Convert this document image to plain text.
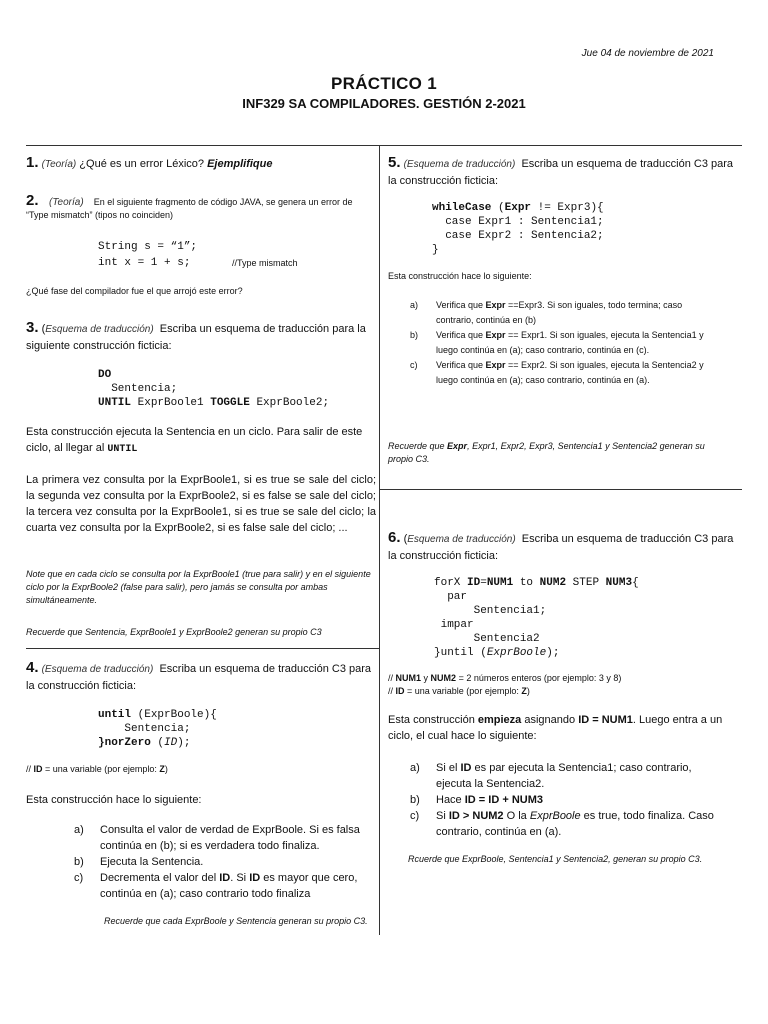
Jue 04 de noviembre de 2021
PRÁCTICO 1
INF329 SA COMPILADORES. GESTIÓN 2-2021
1. (Teoría) ¿Qué es un error Léxico? Ejemplifique
2. (Teoría) En el siguiente fragmento de código JAVA, se genera un error de “Type mismatch” (tipos no coinciden)
String s = “1”;
int x = 1 + s;	//Type mismatch
¿Qué fase del compilador fue el que arrojó este error?
3. (Esquema de traducción) Escriba un esquema de traducción para la siguiente construcción ficticia:
DO
Sentencia;
UNTIL ExprBoole1 TOGGLE ExprBoole2;
Esta construcción ejecuta la Sentencia en un ciclo. Para salir de este ciclo, al llegar al UNTIL
La primera vez consulta por la ExprBoole1, si es true se sale del ciclo; la segunda vez consulta por la ExprBoole2, si es false se sale del ciclo; la tercera vez consulta por la ExprBoole1, si es true se sale del ciclo; la cuarta vez consulta por la ExprBoole2, si es false sale del ciclo; ...
Note que en cada ciclo se consulta por la ExprBoole1 (true para salir) y en el siguiente ciclo por la ExprBoole2 (false para salir), pero jamás se consulta por ambas simultáneamente.
Recuerde que Sentencia, ExprBoole1 y ExprBoole2 generan su propio C3
4. (Esquema de traducción) Escriba un esquema de traducción C3 para la construcción ficticia:
until (ExprBoole){
Sentencia;
}norZero (ID);
// ID = una variable (por ejemplo: Z)
Esta construcción hace lo siguiente:
a) Consulta el valor de verdad de ExprBoole. Si es falsa continúa en (b); si es verdadera todo finaliza.
b) Ejecuta la Sentencia.
c) Decrementa el valor del ID. Si ID es mayor que cero, continúa en (a); caso contrario todo finaliza
Recuerde que cada ExprBoole y Sentencia generan su propio C3.
5. (Esquema de traducción) Escriba un esquema de traducción C3 para la construcción ficticia:
whileCase (Expr != Expr3){
case Expr1 : Sentencia1;
case Expr2 : Sentencia2;
}
Esta construcción hace lo siguiente:
a) Verifica que Expr ==Expr3. Si son iguales, todo termina; caso contrario, continúa en (b)
b) Verifica que Expr == Expr1. Si son iguales, ejecuta la Sentencia1 y luego continúa en (a); caso contrario, continúa en (c).
c) Verifica que Expr == Expr2. Si son iguales, ejecuta la Sentencia2 y luego continúa en (a); caso contrario, continúa en (a).
Recuerde que Expr, Expr1, Expr2, Expr3, Sentencia1 y Sentencia2 generan su propio C3.
6. (Esquema de traducción) Escriba un esquema de traducción C3 para la construcción ficticia:
forX ID=NUM1 to NUM2 STEP NUM3{
par
Sentencia1;
impar
Sentencia2
}until (ExprBoole);
// NUM1 y NUM2 = 2 números enteros (por ejemplo: 3 y 8)
// ID = una variable (por ejemplo: Z)
Esta construcción empieza asignando ID = NUM1. Luego entra a un ciclo, el cual hace lo siguiente:
a) Si el ID es par ejecuta la Sentencia1; caso contrario, ejecuta la Sentencia2.
b) Hace ID = ID + NUM3
c) Si ID > NUM2 O la ExprBoole es true, todo finaliza. Caso contrario, continúa en (a).
Rcuerde que ExprBoole, Sentencia1 y Sentencia2, generan su propio C3.
